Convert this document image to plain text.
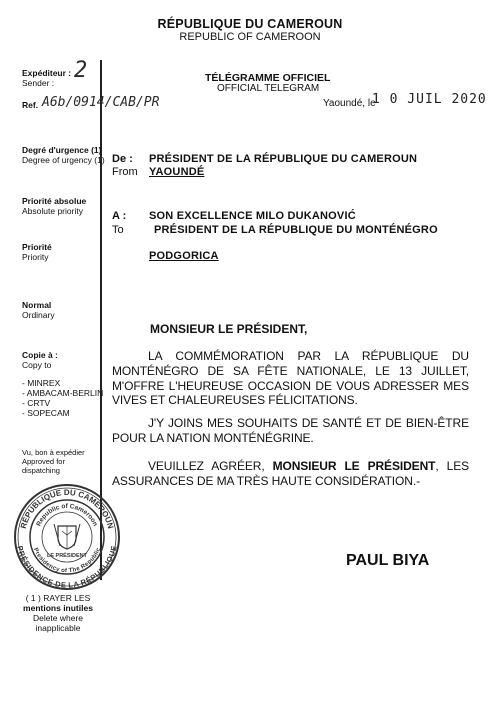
RÉPUBLIQUE DU CAMEROUN
REPUBLIC OF CAMEROON
Expéditeur :
Sender : 2
Ref. A6b/0914/CAB/PR
Degré d'urgence (1)
Degree of urgency (1)
Priorité absolue
Absolute priority
Priorité
Priority
Normal
Ordinary
Copie à :
Copy to
- MINREX
- AMBACAM-BERLIN
- CRTV
- SOPECAM
Vu, bon à expédier
Approved for
dispatching
RÉPUBLIQUE DU CAMEROUN
PRÉSIDENCE DE LA RÉPUBLIQUE
Republic of Cameroon
Presidency of The Republic
LE PRÉSIDENT
( 1 ) RAYER LES
mentions inutiles
Delete where
inapplicable
TÉLÉGRAMME OFFICIEL
OFFICIAL TELEGRAM
Yaoundé, le
1 0 JUIL 2020
De :
From
PRÉSIDENT DE LA RÉPUBLIQUE DU CAMEROUN
YAOUNDÉ
A :
To
SON EXCELLENCE MILO DUKANOVIĆ
PRÉSIDENT DE LA RÉPUBLIQUE DU MONTÉNÉGRO
PODGORICA
MONSIEUR LE PRÉSIDENT,
LA COMMÉMORATION PAR LA RÉPUBLIQUE DU MONTÉNÉGRO DE SA FÊTE NATIONALE, LE 13 JUILLET, M'OFFRE L'HEUREUSE OCCASION DE VOUS ADRESSER MES VIVES ET CHALEUREUSES FÉLICITATIONS.
J'Y JOINS MES SOUHAITS DE SANTÉ ET DE BIEN-ÊTRE POUR LA NATION MONTÉNÉGRINE.
VEUILLEZ AGRÉER, MONSIEUR LE PRÉSIDENT, LES ASSURANCES DE MA TRÈS HAUTE CONSIDÉRATION.-
PAUL BIYA
